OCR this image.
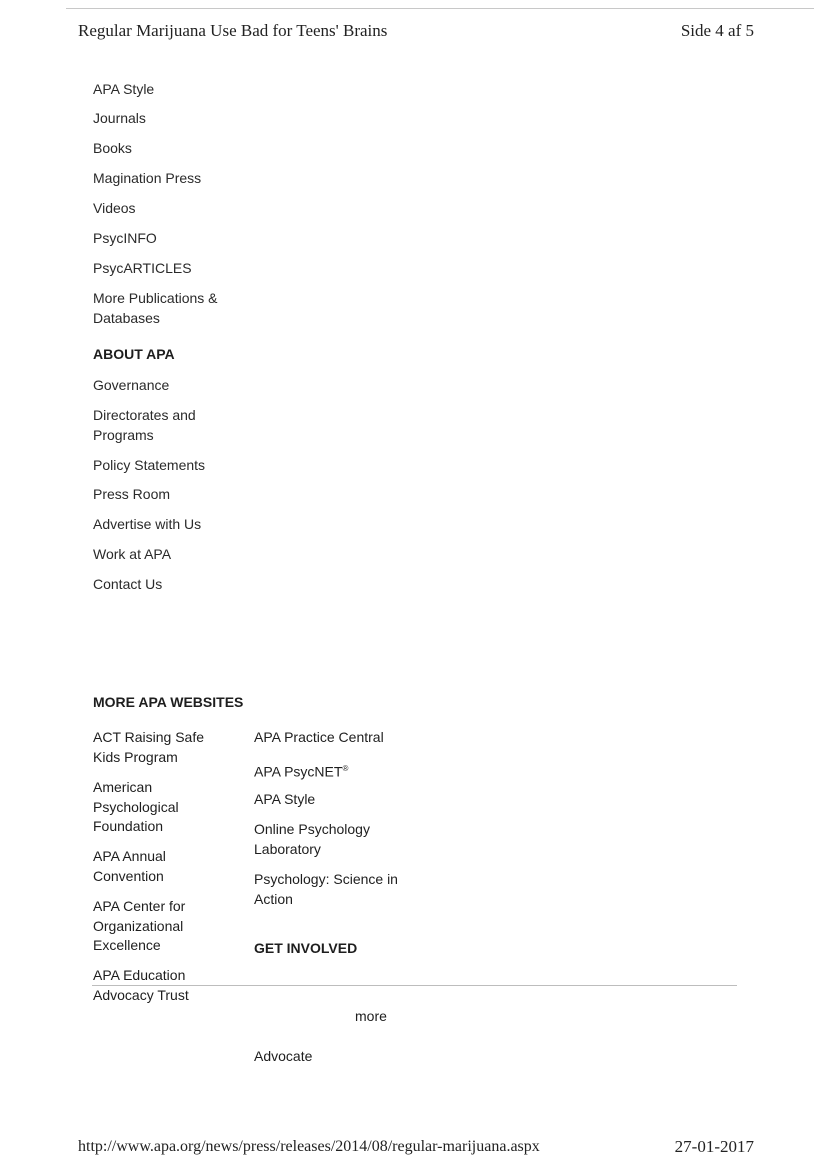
Regular Marijuana Use Bad for Teens' Brains	Side 4 af 5
APA Style
Journals
Books
Magination Press
Videos
PsycINFO
PsycARTICLES
More Publications & Databases
ABOUT APA
Governance
Directorates and Programs
Policy Statements
Press Room
Advertise with Us
Work at APA
Contact Us
MORE APA WEBSITES
ACT Raising Safe Kids Program
American Psychological Foundation
APA Annual Convention
APA Center for Organizational Excellence
APA Education Advocacy Trust
APA Practice Central
APA PsycNET®
APA Style
Online Psychology Laboratory
Psychology: Science in Action
GET INVOLVED
more
Advocate
http://www.apa.org/news/press/releases/2014/08/regular-marijuana.aspx	27-01-2017
